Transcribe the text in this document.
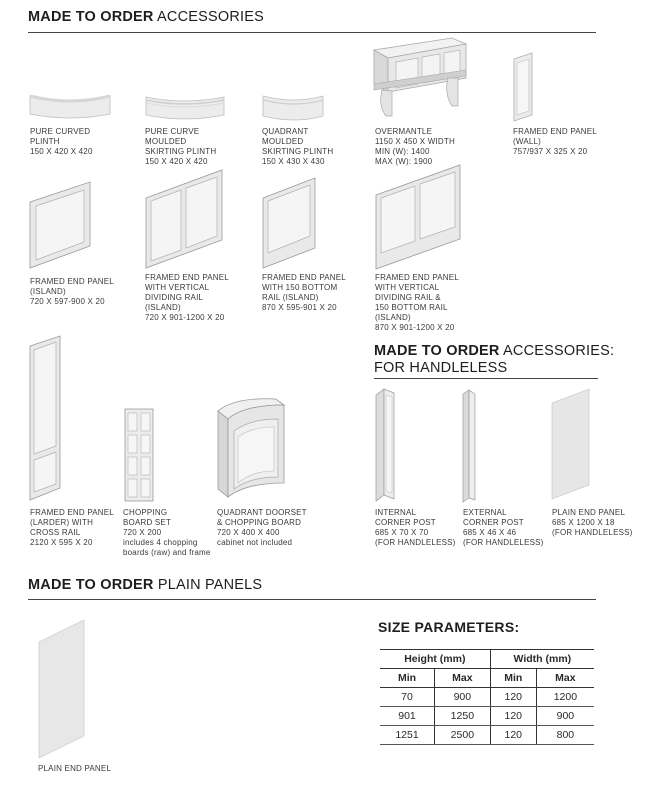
MADE TO ORDER ACCESSORIES
MADE TO ORDER ACCESSORIES:
FOR HANDLELESS
MADE TO ORDER PLAIN PANELS
PURE CURVED
PLINTH
150 X 420 X 420
PURE CURVE
MOULDED
SKIRTING PLINTH
150 X 420 X 420
QUADRANT
MOULDED
SKIRTING PLINTH
150 X 430 X 430
OVERMANTLE
1150 X 450 X WIDTH
MIN (W): 1400
MAX (W): 1900
FRAMED END PANEL
(WALL)
757/937 X 325 X 20
FRAMED END PANEL
(ISLAND)
720 X 597-900 X 20
FRAMED END PANEL
WITH VERTICAL
DIVIDING RAIL
(ISLAND)
720 X 901-1200 X 20
FRAMED END PANEL
WITH 150 BOTTOM
RAIL (ISLAND)
870 X 595-901 X 20
FRAMED END PANEL
WITH VERTICAL
DIVIDING RAIL &
150 BOTTOM RAIL
(ISLAND)
870 X 901-1200 X 20
FRAMED END PANEL
(LARDER) WITH
CROSS RAIL
2120 X 595 X 20
CHOPPING
BOARD SET
720 X 200
includes 4 chopping
boards (raw) and frame
QUADRANT DOORSET
& CHOPPING BOARD
720 X 400 X 400
cabinet not included
INTERNAL
CORNER POST
685 X 70 X 70
(FOR HANDLELESS)
EXTERNAL
CORNER POST
685 X 46 X 46
(FOR HANDLELESS)
PLAIN END PANEL
685 X 1200 X 18
(FOR HANDLELESS)
PLAIN END PANEL
SIZE PARAMETERS:
Height (mm)		Width (mm)	
Min	Max	Min	Max
70	900	120	1200
901	1250	120	900
1251	2500	120	800
